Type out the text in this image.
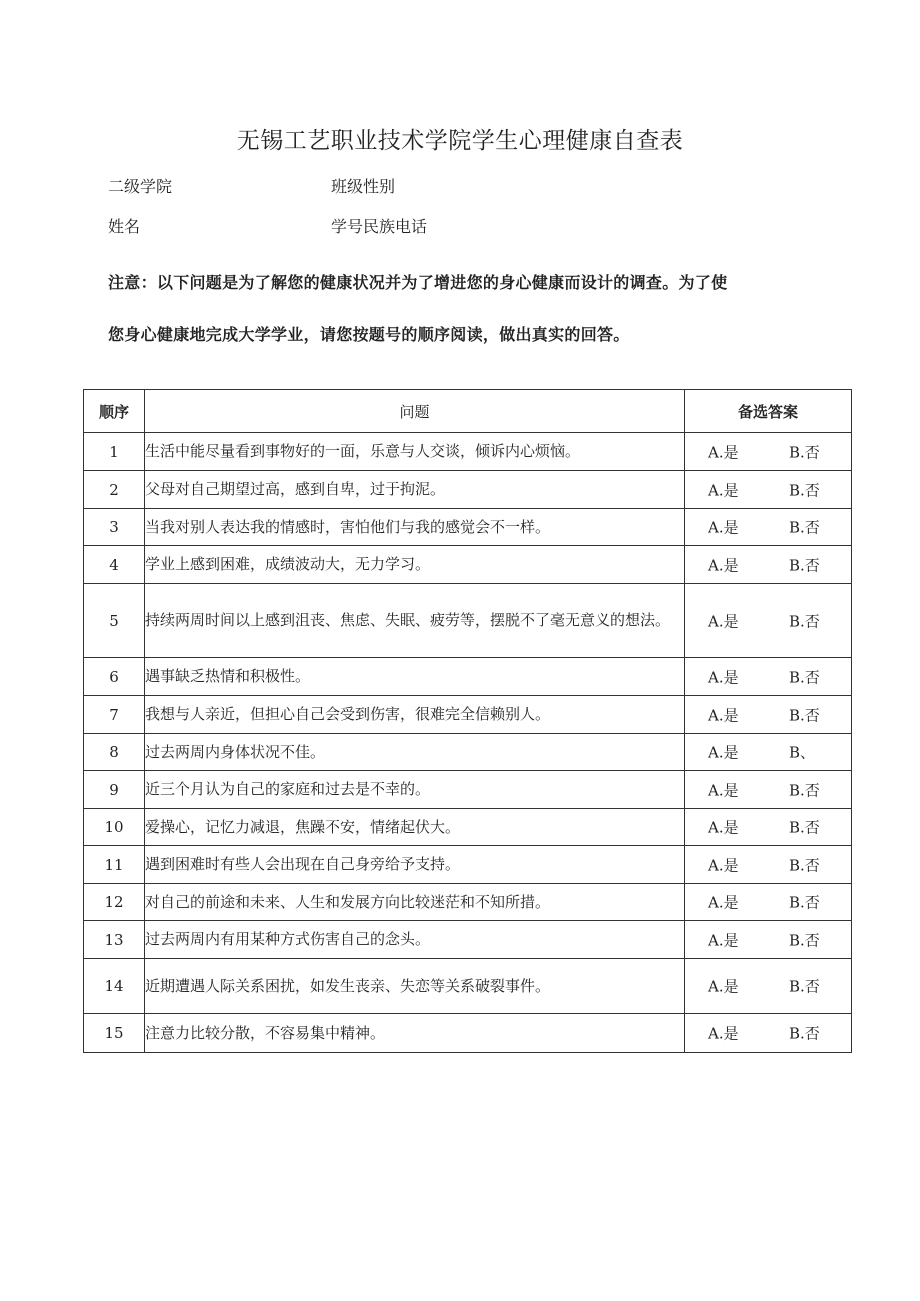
无锡工艺职业技术学院学生心理健康自查表
二级学院	班级性别
姓名	学号民族电话
注意：以下问题是为了解您的健康状况并为了增进您的身心健康而设计的调查。为了使
您身心健康地完成大学学业，请您按题号的顺序阅读，做出真实的回答。
顺序	问题	备选答案
1	生活中能尽量看到事物好的一面，乐意与人交谈，倾诉内心烦恼。	A.是 B.否

2	父母对自己期望过高，感到自卑，过于拘泥。	A.是 B.否

3	当我对别人表达我的情感时，害怕他们与我的感觉会不一样。	A.是 B.否

4	学业上感到困难，成绩波动大，无力学习。	A.是 B.否

5	持续两周时间以上感到沮丧、焦虑、失眠、疲劳等，摆脱不了毫无意义的想法。	A.是 B.否

6	遇事缺乏热情和积极性。	A.是 B.否

7	我想与人亲近，但担心自己会受到伤害，很难完全信赖别人。	A.是 B.否

8	过去两周内身体状况不佳。	A.是 B、

9	近三个月认为自己的家庭和过去是不幸的。	A.是 B.否

10	爱操心，记忆力减退，焦躁不安，情绪起伏大。	A.是 B.否

11	遇到困难时有些人会出现在自己身旁给予支持。	A.是 B.否

12	对自己的前途和未来、人生和发展方向比较迷茫和不知所措。	A.是 B.否

13	过去两周内有用某种方式伤害自己的念头。	A.是 B.否

14	近期遭遇人际关系困扰，如发生丧亲、失恋等关系破裂事件。	A.是 B.否

15	注意力比较分散，不容易集中精神。	A.是 B.否
